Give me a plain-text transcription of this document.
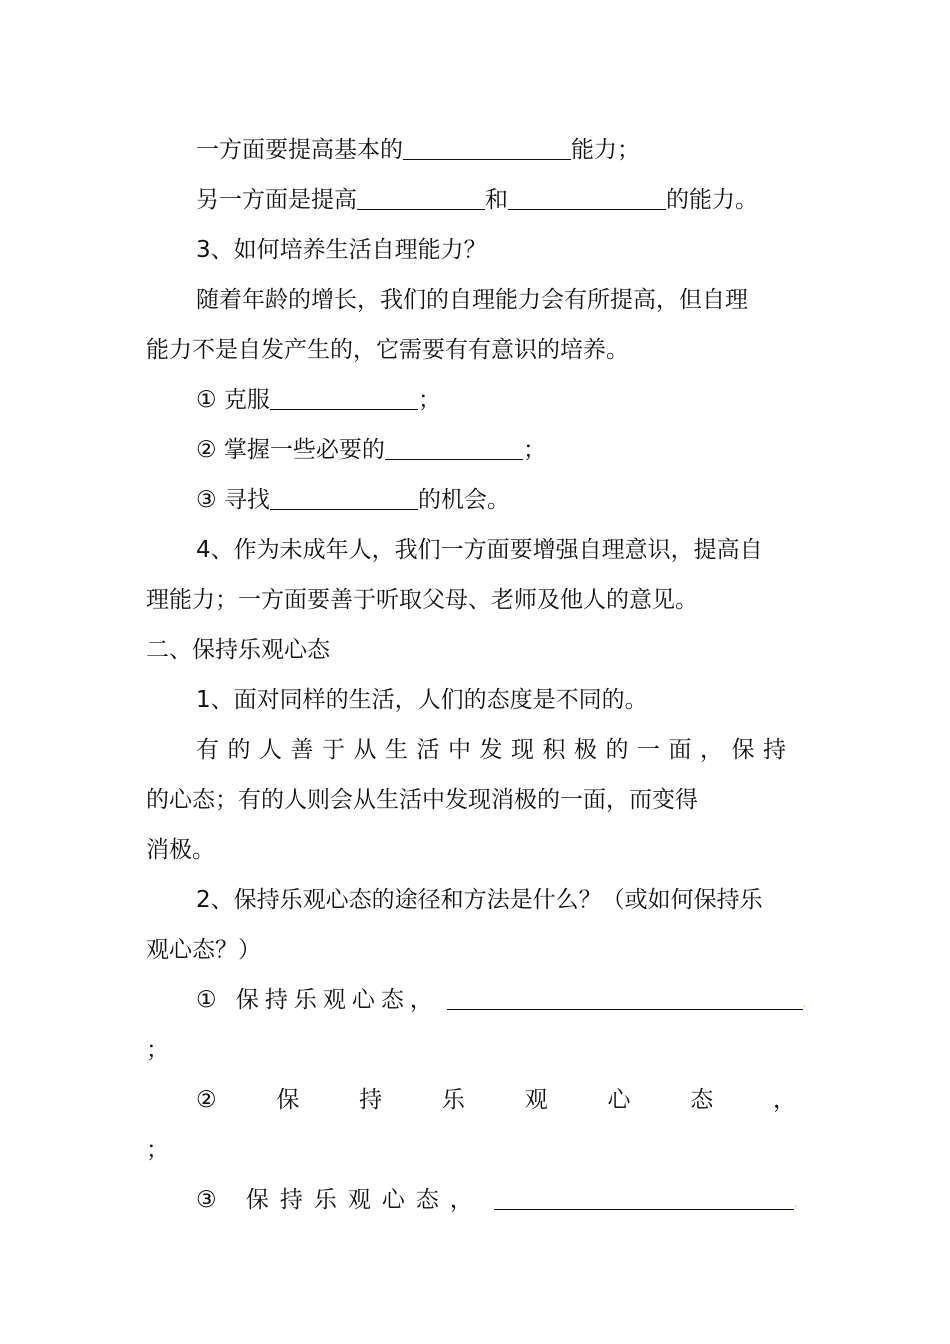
一方面要提高基本的	能力；
另一方面是提高	和	的能力。
3、如何培养生活自理能力？
随着年龄的增长，我们的自理能力会有所提高，但自理
能力不是自发产生的，它需要有有意识的培养。
① 克服	；
② 掌握一些必要的	；
③ 寻找	的机会。
4、作为未成年人，我们一方面要增强自理意识，提高自
理能力；一方面要善于听取父母、老师及他人的意见。
二、保持乐观心态
1、面对同样的生活，人们的态度是不同的。
有的人善于从生活中发现积极的一面，保持
的心态；有的人则会从生活中发现消极的一面，而变得
消极。
2、保持乐观心态的途径和方法是什么？（或如何保持乐
观心态？）
① 保持乐观心态，	.
；
②	保	持	乐	观	心	态	，
；
③ 保持乐观心态，	.
